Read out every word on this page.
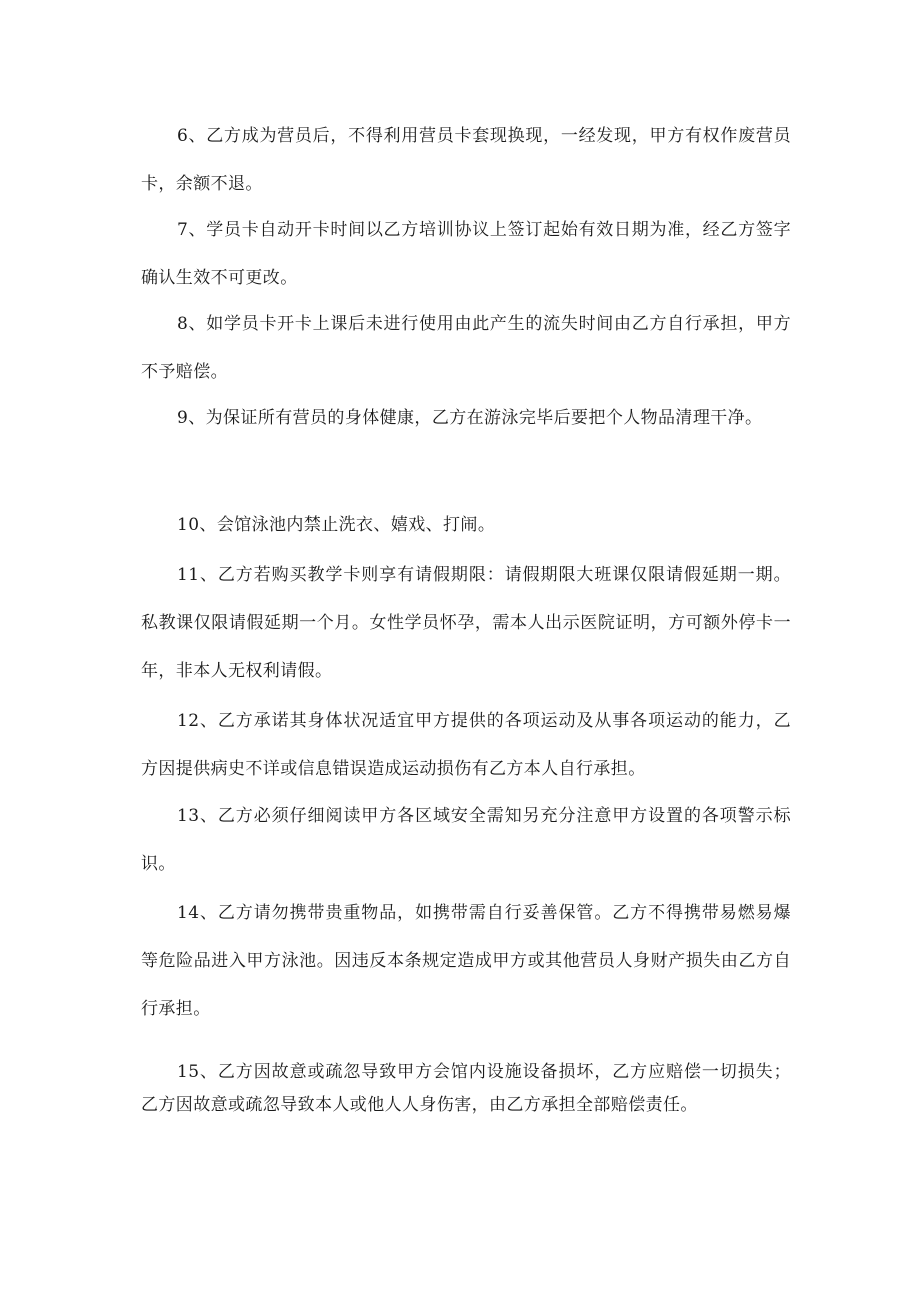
6、乙方成为营员后，不得利用营员卡套现换现，一经发现，甲方有权作废营员卡，余额不退。

7、学员卡自动开卡时间以乙方培训协议上签订起始有效日期为准，经乙方签字确认生效不可更改。

8、如学员卡开卡上课后未进行使用由此产生的流失时间由乙方自行承担，甲方不予赔偿。

9、为保证所有营员的身体健康，乙方在游泳完毕后要把个人物品清理干净。

10、会馆泳池内禁止洗衣、嬉戏、打闹。

11、乙方若购买教学卡则享有请假期限：请假期限大班课仅限请假延期一期。私教课仅限请假延期一个月。女性学员怀孕，需本人出示医院证明，方可额外停卡一年，非本人无权利请假。

12、乙方承诺其身体状况适宜甲方提供的各项运动及从事各项运动的能力，乙方因提供病史不详或信息错误造成运动损伤有乙方本人自行承担。

13、乙方必须仔细阅读甲方各区域安全需知另充分注意甲方设置的各项警示标识。

14、乙方请勿携带贵重物品，如携带需自行妥善保管。乙方不得携带易燃易爆等危险品进入甲方泳池。因违反本条规定造成甲方或其他营员人身财产损失由乙方自行承担。

15、乙方因故意或疏忽导致甲方会馆内设施设备损坏，乙方应赔偿一切损失；乙方因故意或疏忽导致本人或他人人身伤害，由乙方承担全部赔偿责任。
